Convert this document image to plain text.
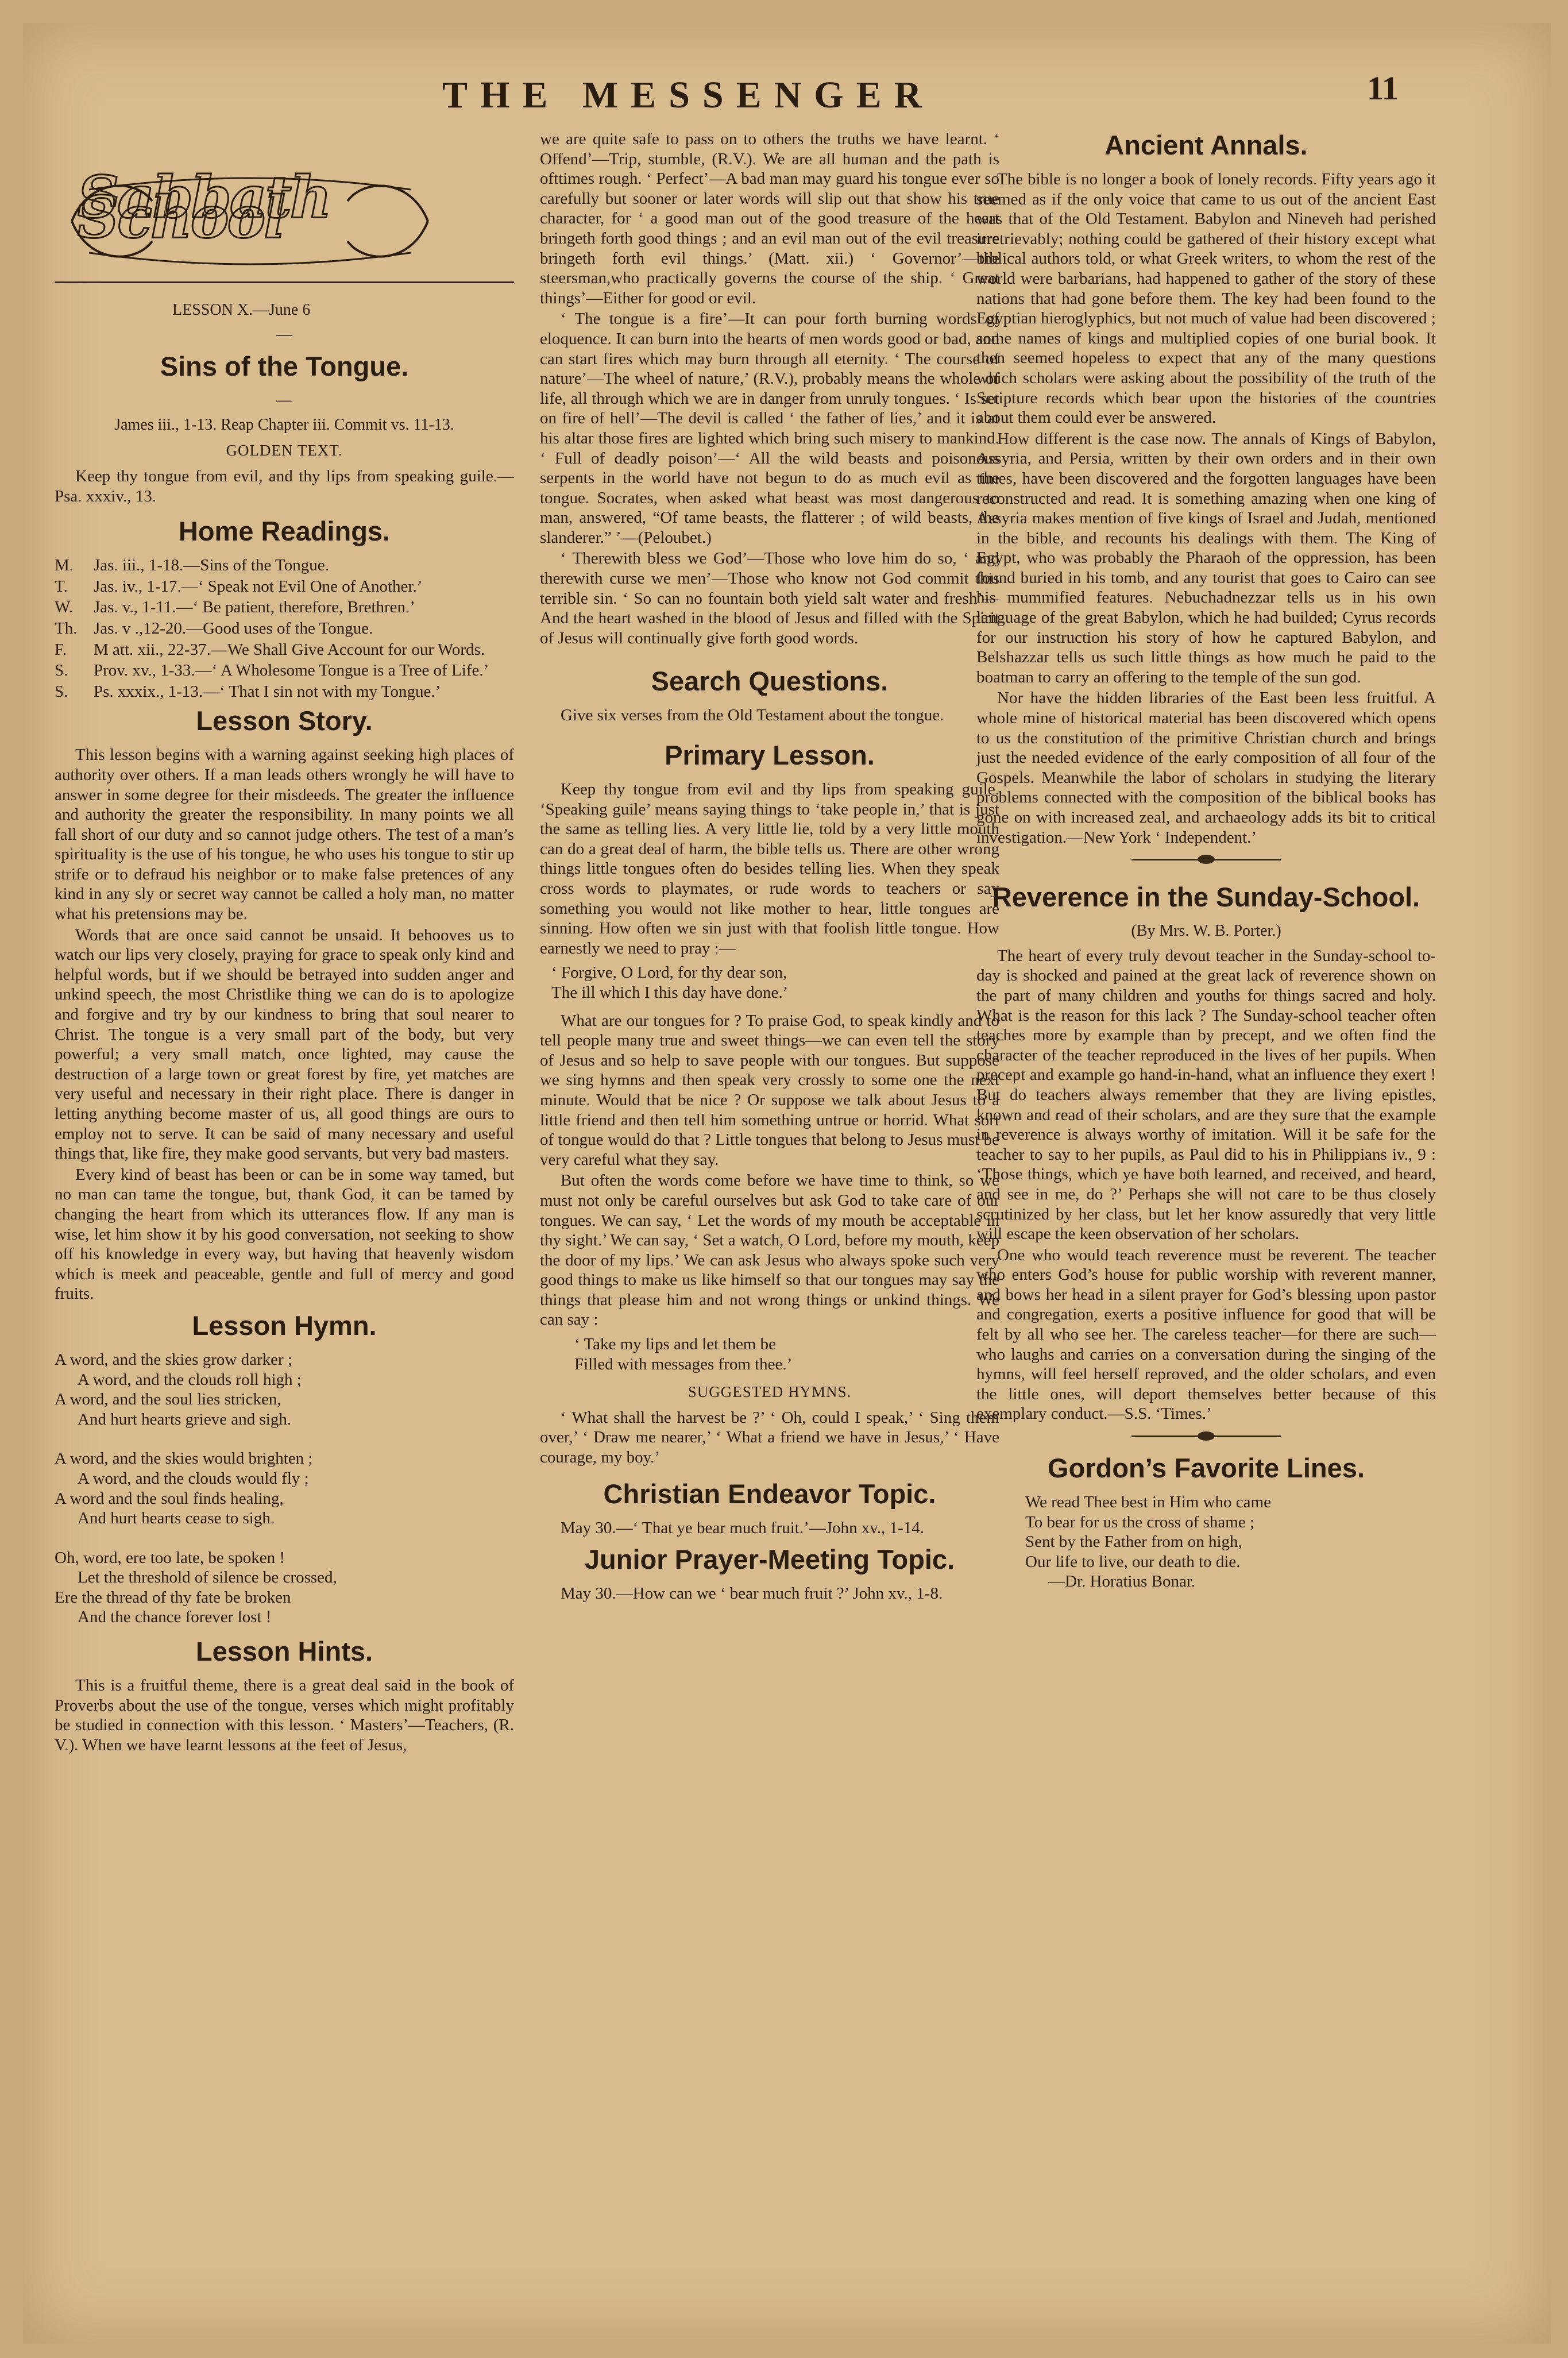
THE MESSENGER	11
Sabbath School
LESSON X.—June 6
—
Sins of the Tongue.
—
James iii., 1-13. Reap Chapter iii. Commit vs. 11-13.
GOLDEN TEXT.

Keep thy tongue from evil, and thy lips from speaking guile.—Psa. xxxiv., 13.

Home Readings.
M.	Jas. iii., 1-18.—Sins of the Tongue.
T.	Jas. iv., 1-17.—‘ Speak not Evil One of Another.’
W.	Jas. v., 1-11.—‘ Be patient, therefore, Brethren.’
Th. Jas. v .,12-20.—Good uses of the Tongue.
F.	M att. xii., 22-37.—We Shall Give Account for our Words.
S.	Prov. xv., 1-33.—‘ A Wholesome Tongue is a Tree of Life.’
S.	Ps. xxxix., 1-13.—‘ That I sin not with my Tongue.’
Lesson Story.

This lesson begins with a warning against seeking high places of authority over others. If a man leads others wrongly he will have to answer in some degree for their misdeeds. The greater the influence and authority the greater the responsibility. In many points we all fall short of our duty and so cannot judge others. The test of a man’s spirituality is the use of his tongue, he who uses his tongue to stir up strife or to defraud his neighbor or to make false pretences of any kind in any sly or secret way cannot be called a holy man, no matter what his pretensions may be.

Words that are once said cannot be unsaid. It behooves us to watch our lips very closely, praying for grace to speak only kind and helpful words, but if we should be betrayed into sudden anger and unkind speech, the most Christlike thing we can do is to apologize and forgive and try by our kindness to bring that soul nearer to Christ. The tongue is a very small part of the body, but very powerful; a very small match, once lighted, may cause the destruction of a large town or great forest by fire, yet matches are very useful and necessary in their right place. There is danger in letting anything become master of us, all good things are ours to employ not to serve. It can be said of many necessary and useful things that, like fire, they make good servants, but very bad masters.

Every kind of beast has been or can be in some way tamed, but no man can tame the tongue, but, thank God, it can be tamed by changing the heart from which its utterances flow. If any man is wise, let him show it by his good conversation, not seeking to show off his knowledge in every way, but having that heavenly wisdom which is meek and peaceable, gentle and full of mercy and good fruits.

Lesson Hymn.
A word, and the skies grow darker ;
A word, and the clouds roll high ;
A word, and the soul lies stricken,
And hurt hearts grieve and sigh.
A word, and the skies would brighten ;
A word, and the clouds would fly ;
A word and the soul finds healing,
And hurt hearts cease to sigh.
Oh, word, ere too late, be spoken !
Let the threshold of silence be crossed,
Ere the thread of thy fate be broken
And the chance forever lost !
Lesson Hints.

This is a fruitful theme, there is a great deal said in the book of Proverbs about the use of the tongue, verses which might profitably be studied in connection with this lesson. ‘ Masters’—Teachers, (R. V.). When we have learnt lessons at the feet of Jesus,

we are quite safe to pass on to others the truths we have learnt. ‘ Offend’—Trip, stumble, (R.V.). We are all human and the path is ofttimes rough. ‘ Perfect’—A bad man may guard his tongue ever so carefully but sooner or later words will slip out that show his true character, for ‘ a good man out of the good treasure of the heart bringeth forth good things ; and an evil man out of the evil treasure bringeth forth evil things.’ (Matt. xii.) ‘ Governor’—the steersman,who practically governs the course of the ship. ‘ Great things’—Either for good or evil.

‘ The tongue is a fire’—It can pour forth burning words of eloquence. It can burn into the hearts of men words good or bad, and can start fires which may burn through all eternity. ‘ The course of nature’—The wheel of nature,’ (R.V.), probably means the whole of life, all through which we are in danger from unruly tongues. ‘ Is set on fire of hell’—The devil is called ‘ the father of lies,’ and it is at his altar those fires are lighted which bring such misery to mankind. ‘ Full of deadly poison’—‘ All the wild beasts and poisonous serpents in the world have not begun to do as much evil as the tongue. Socrates, when asked what beast was most dangerous to man, answered, “Of tame beasts, the flatterer ; of wild beasts, the slanderer.” ’—(Peloubet.)

‘ Therewith bless we God’—Those who love him do so, ‘ and therewith curse we men’—Those who know not God commit this terrible sin. ‘ So can no fountain both yield salt water and fresh’—And the heart washed in the blood of Jesus and filled with the Spirit of Jesus will continually give forth good words.

Search Questions.

Give six verses from the Old Testament about the tongue.

Primary Lesson.

Keep thy tongue from evil and thy lips from speaking guile. ‘Speaking guile’ means saying things to ‘take people in,’ that is just the same as telling lies. A very little lie, told by a very little mouth can do a great deal of harm, the bible tells us. There are other wrong things little tongues often do besides telling lies. When they speak cross words to playmates, or rude words to teachers or say something you would not like mother to hear, little tongues are sinning. How often we sin just with that foolish little tongue. How earnestly we need to pray :—

‘ Forgive, O Lord, for thy dear son,
The ill which I this day have done.’

What are our tongues for ? To praise God, to speak kindly and to tell people many true and sweet things—we can even tell the story of Jesus and so help to save people with our tongues. But suppose we sing hymns and then speak very crossly to some one the next minute. Would that be nice ? Or suppose we talk about Jesus to a little friend and then tell him something untrue or horrid. What sort of tongue would do that ? Little tongues that belong to Jesus must be very careful what they say.

But often the words come before we have time to think, so we must not only be careful ourselves but ask God to take care of our tongues. We can say, ‘ Let the words of my mouth be acceptable in thy sight.’ We can say, ‘ Set a watch, O Lord, before my mouth, keep the door of my lips.’ We can ask Jesus who always spoke such very good things to make us like himself so that our tongues may say the things that please him and not wrong things or unkind things. We can say :

‘ Take my lips and let them be
Filled with messages from thee.’
SUGGESTED HYMNS.

‘ What shall the harvest be ?’ ‘ Oh, could I speak,’ ‘ Sing them over,’ ‘ Draw me nearer,’ ‘ What a friend we have in Jesus,’ ‘ Have courage, my boy.’

Christian Endeavor Topic.

May 30.—‘ That ye bear much fruit.’—John xv., 1-14.

Junior Prayer-Meeting Topic.

May 30.—How can we ‘ bear much fruit ?’ John xv., 1-8.

Ancient Annals.

The bible is no longer a book of lonely records. Fifty years ago it seemed as if the only voice that came to us out of the ancient East was that of the Old Testament. Babylon and Nineveh had perished irretrievably; nothing could be gathered of their history except what biblical authors told, or what Greek writers, to whom the rest of the world were barbarians, had happened to gather of the story of these nations that had gone before them. The key had been found to the Egyptian hieroglyphics, but not much of value had been discovered ; some names of kings and multiplied copies of one burial book. It then seemed hopeless to expect that any of the many questions which scholars were asking about the possibility of the truth of the Scripture records which bear upon the histories of the countries about them could ever be answered.

How different is the case now. The annals of Kings of Babylon, Assyria, and Persia, written by their own orders and in their own times, have been discovered and the forgotten languages have been reconstructed and read. It is something amazing when one king of Assyria makes mention of five kings of Israel and Judah, mentioned in the bible, and recounts his dealings with them. The King of Egypt, who was probably the Pharaoh of the oppression, has been found buried in his tomb, and any tourist that goes to Cairo can see his mummified features. Nebuchadnezzar tells us in his own language of the great Babylon, which he had builded; Cyrus records for our instruction his story of how he captured Babylon, and Belshazzar tells us such little things as how much he paid to the boatman to carry an offering to the temple of the sun god.

Nor have the hidden libraries of the East been less fruitful. A whole mine of historical material has been discovered which opens to us the constitution of the primitive Christian church and brings just the needed evidence of the early composition of all four of the Gospels. Meanwhile the labor of scholars in studying the literary problems connected with the composition of the biblical books has gone on with increased zeal, and archaeology adds its bit to critical investigation.—New York ‘ Independent.’

Reverence in the Sunday-School.
(By Mrs. W. B. Porter.)

The heart of every truly devout teacher in the Sunday-school to-day is shocked and pained at the great lack of reverence shown on the part of many children and youths for things sacred and holy. What is the reason for this lack ? The Sunday-school teacher often teaches more by example than by precept, and we often find the character of the teacher reproduced in the lives of her pupils. When precept and example go hand-in-hand, what an influence they exert ! But do teachers always remember that they are living epistles, known and read of their scholars, and are they sure that the example in reverence is always worthy of imitation. Will it be safe for the teacher to say to her pupils, as Paul did to his in Philippians iv., 9 : ‘Those things, which ye have both learned, and received, and heard, and see in me, do ?’ Perhaps she will not care to be thus closely scrutinized by her class, but let her know assuredly that very little will escape the keen observation of her scholars.

One who would teach reverence must be reverent. The teacher who enters God’s house for public worship with reverent manner, and bows her head in a silent prayer for God’s blessing upon pastor and congregation, exerts a positive influence for good that will be felt by all who see her. The careless teacher—for there are such—who laughs and carries on a conversation during the singing of the hymns, will feel herself reproved, and the older scholars, and even the little ones, will deport themselves better because of this exemplary conduct.—S.S. ‘Times.’

Gordon’s Favorite Lines.
We read Thee best in Him who came
To bear for us the cross of shame ;
Sent by the Father from on high,
Our life to live, our death to die.
—Dr. Horatius Bonar.
